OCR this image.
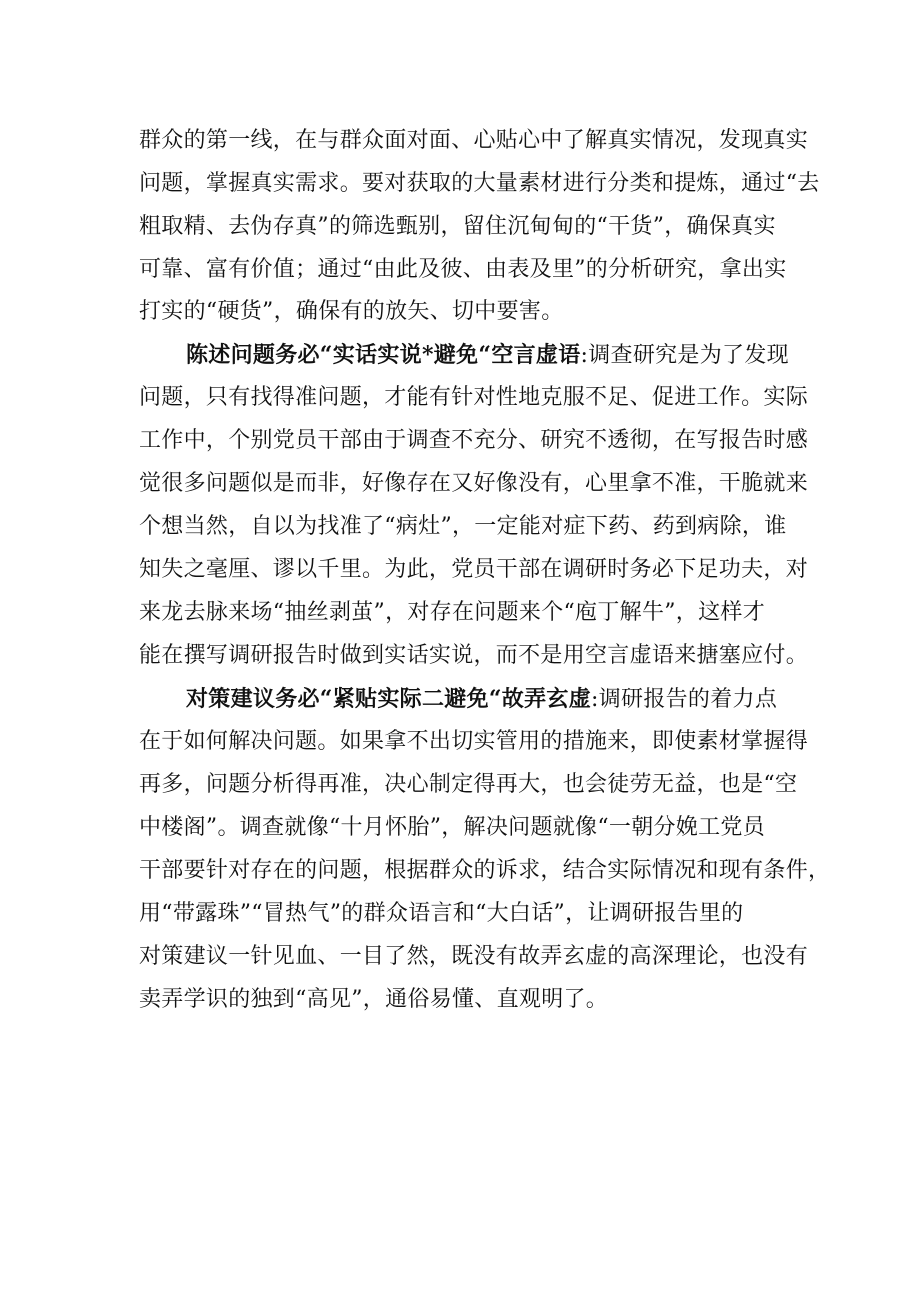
群众的第一线，在与群众面对面、心贴心中了解真实情况，发现真实
问题，掌握真实需求。要对获取的大量素材进行分类和提炼，通过“去
粗取精、去伪存真”的筛选甄别，留住沉甸甸的“干货”，确保真实
可靠、富有价值；通过“由此及彼、由表及里”的分析研究，拿出实
打实的“硬货”，确保有的放矢、切中要害。
陈述问题务必“实话实说*避免“空言虚语:调查研究是为了发现
问题，只有找得准问题，才能有针对性地克服不足、促进工作。实际
工作中，个别党员干部由于调查不充分、研究不透彻，在写报告时感
觉很多问题似是而非，好像存在又好像没有，心里拿不准，干脆就来
个想当然，自以为找准了“病灶”，一定能对症下药、药到病除，谁
知失之毫厘、谬以千里。为此，党员干部在调研时务必下足功夫，对
来龙去脉来场“抽丝剥茧”，对存在问题来个“庖丁解牛”，这样才
能在撰写调研报告时做到实话实说，而不是用空言虚语来搪塞应付。
对策建议务必“紧贴实际二避免“故弄玄虚:调研报告的着力点
在于如何解决问题。如果拿不出切实管用的措施来，即使素材掌握得
再多，问题分析得再准，决心制定得再大，也会徒劳无益，也是“空
中楼阁”。调查就像“十月怀胎”，解决问题就像“一朝分娩工党员
干部要针对存在的问题，根据群众的诉求，结合实际情况和现有条件，
用“带露珠”“冒热气”的群众语言和“大白话”，让调研报告里的
对策建议一针见血、一目了然，既没有故弄玄虚的高深理论，也没有
卖弄学识的独到“高见”，通俗易懂、直观明了。
